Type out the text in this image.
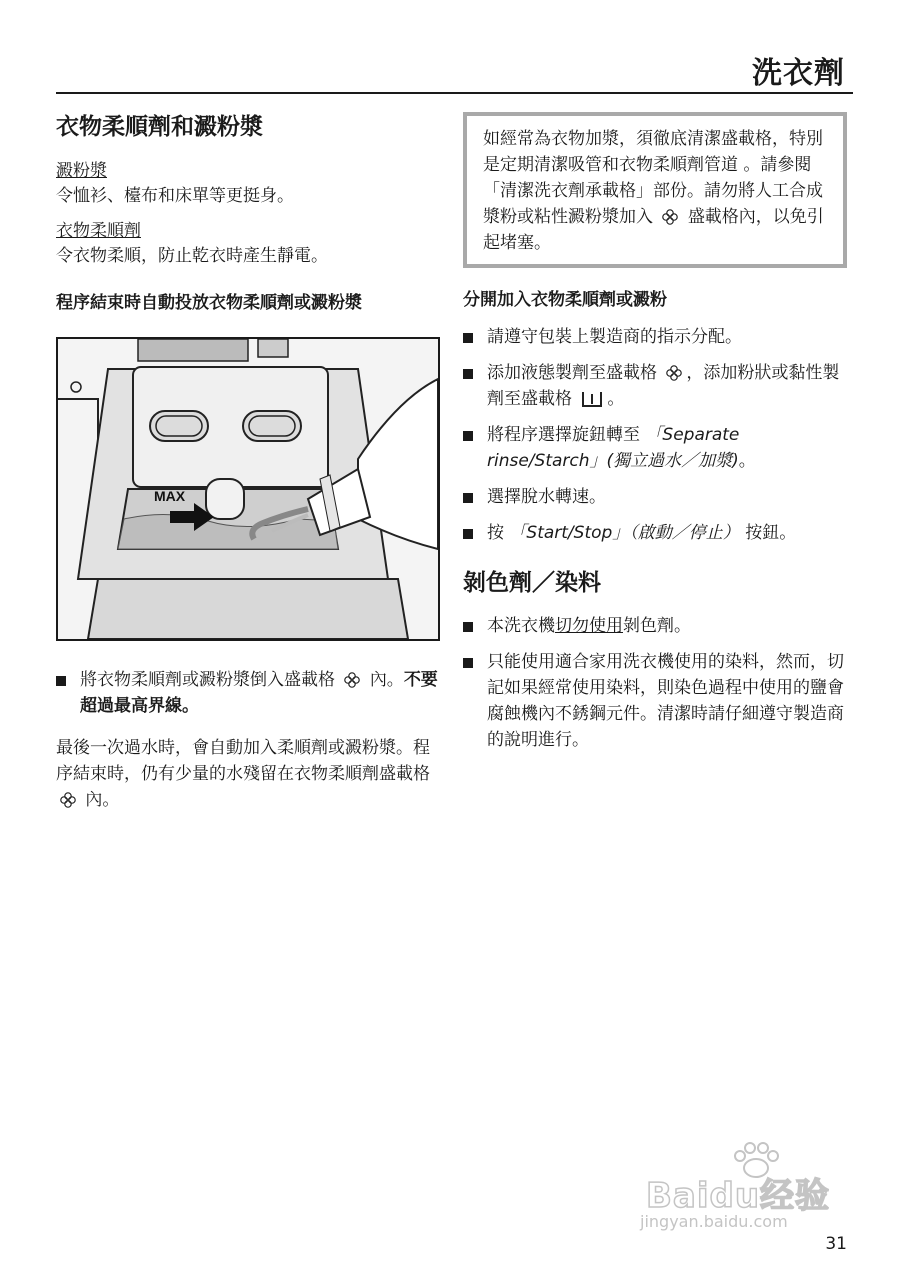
洗衣劑

衣物柔順劑和澱粉漿

澱粉漿

令恤衫、檯布和床單等更挺身。

衣物柔順劑

令衣物柔順，防止乾衣時產生靜電。

程序結束時自動投放衣物柔順劑或澱粉漿

MAX
將衣物柔順劑或澱粉漿倒入盛載格 內。不要超過最高界線。

最後一次過水時，會自動加入柔順劑或澱粉漿。程序結束時，仍有少量的水殘留在衣物柔順劑盛載格  內。

如經常為衣物加漿，須徹底清潔盛載格，特別是定期清潔吸管和衣物柔順劑管道 。請參閱「清潔洗衣劑承載格」部份。請勿將人工合成漿粉或粘性澱粉漿加入 盛載格內，以免引起堵塞。

分開加入衣物柔順劑或澱粉

請遵守包裝上製造商的指示分配。
添加液態製劑至盛載格 ，添加粉狀或黏性製劑至盛載格 。
將程序選擇旋鈕轉至 「Separate rinse/Starch」(獨立過水／加漿)。
選擇脫水轉速。
按 「Start/Stop」（啟動／停止） 按鈕。

剝色劑／染料

本洗衣機切勿使用剝色劑。
只能使用適合家用洗衣機使用的染料，然而，切記如果經常使用染料，則染色過程中使用的鹽會腐蝕機內不銹鋼元件。清潔時請仔細遵守製造商的說明進行。
Baidu经验
jingyan.baidu.com
31
